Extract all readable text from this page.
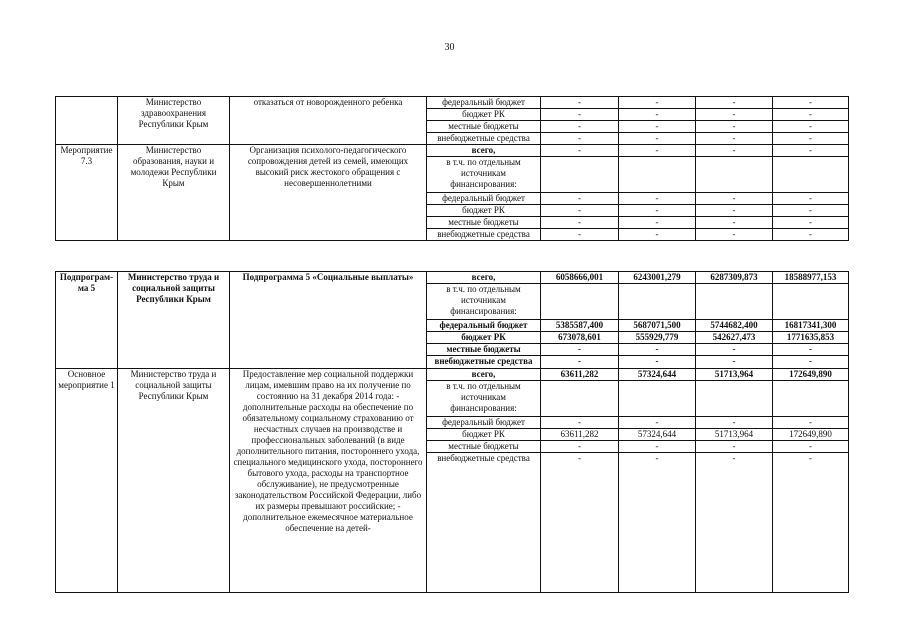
30
	Министерство здравоохранения Республики Крым	отказаться от новорожденного ребенка	федеральный бюджет	-	-	-	-
			бюджет РК	-	-	-	-
			местные бюджеты	-	-	-	-
			внебюджетные средства	-	-	-	-
Мероприятие 7.3	Министерство образования, науки и молодежи Республики Крым	Организация психолого-педагогического сопровождения детей из семей, имеющих высокий риск жестокого обращения с несовершеннолетними	всего,	-	-	-	-
			в т.ч. по отдельным источникам финансирования:				
			федеральный бюджет	-	-	-	-
			бюджет РК	-	-	-	-
			местные бюджеты	-	-	-	-
			внебюджетные средства	-	-	-	-
Подпрограм-ма 5	Министерство труда и социальной защиты Республики Крым	Подпрограмма 5 «Социальные выплаты»	всего,	6058666,001	6243001,279	6287309,873	18588977,153
			в т.ч. по отдельным источникам финансирования:				
			федеральный бюджет	5385587,400	5687071,500	5744682,400	16817341,300
			бюджет РК	673078,601	555929,779	542627,473	1771635,853
			местные бюджеты	-	-	-	-
			внебюджетные средства	-	-	-	-
Основное мероприятие 1	Министерство труда и социальной защиты Республики Крым	Предоставление мер социальной поддержки лицам, имевшим право на их получение по состоянию на 31 декабря 2014 года: - дополнительные расходы на обеспечение по обязательному социальному страхованию от несчастных случаев на производстве и профессиональных заболеваний (в виде дополнительного питания, постороннего ухода, специального медицинского ухода, постороннего бытового ухода, расходы на транспортное обслуживание), не предусмотренные законодательством Российской Федерации, либо их размеры превышают российские; - дополнительное ежемесячное материальное обеспечение на детей-	всего,	63611,282	57324,644	51713,964	172649,890
			в т.ч. по отдельным источникам финансирования:				
			федеральный бюджет	-	-	-	-
			бюджет РК	63611,282	57324,644	51713,964	172649,890
			местные бюджеты	-	-	-	-
			внебюджетные средства	-	-	-	-
